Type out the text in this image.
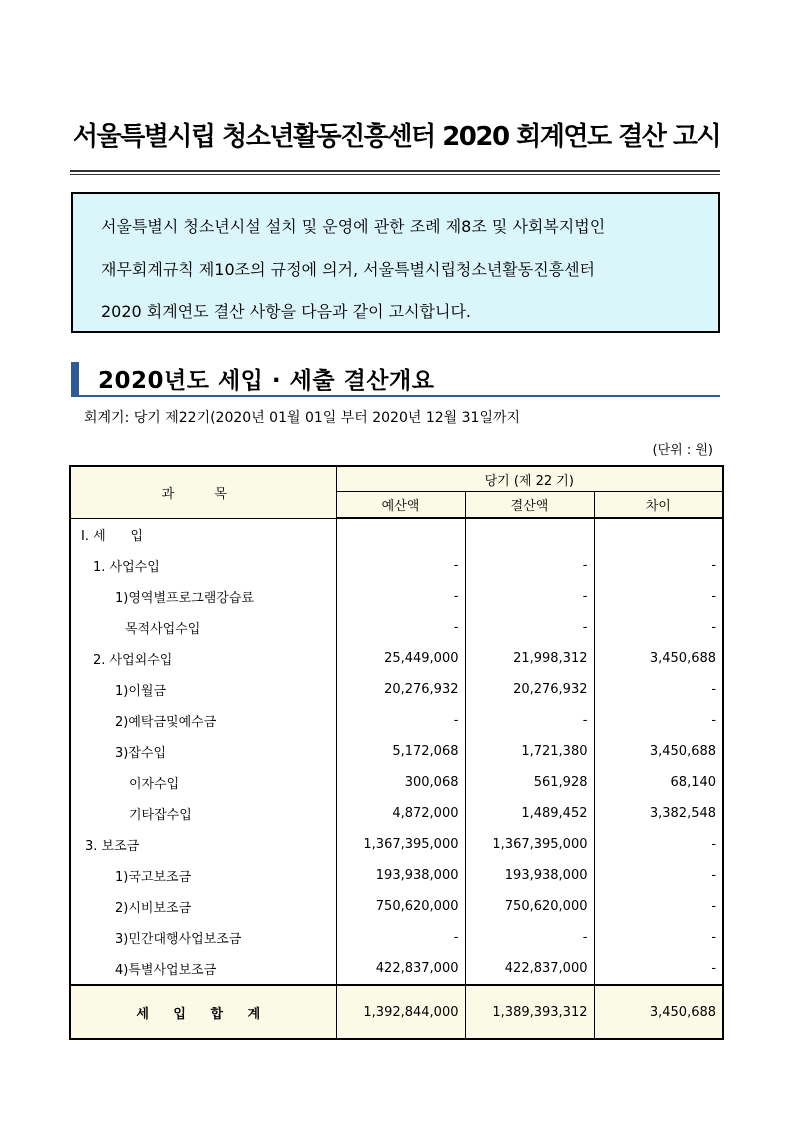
서울특별시립 청소년활동진흥센터 2020 회계연도 결산 고시

서울특별시 청소년시설 설치 및 운영에 관한 조례 제8조 및 사회복지법인

재무회계규칙 제10조의 규정에 의거, 서울특별시립청소년활동진흥센터

2020 회계연도 결산 사항을 다음과 같이 고시합니다.

2020년도 세입 · 세출 결산개요
회계기: 당기 제22기(2020년 01월 01일 부터 2020년 12월 31일까지
(단위 : 원)
과 목	당기 (제 22 기)		
	예산액	결산액	차이
Ⅰ. 세      입			
1. 사업수입	-	-	-
1)영역별프로그램강습료	-	-	-
목적사업수입	-	-	-
2. 사업외수입	25,449,000	21,998,312	3,450,688
1)이월금	20,276,932	20,276,932	-
2)예탁금및예수금	-	-	-
3)잡수입	5,172,068	1,721,380	3,450,688
이자수입	300,068	561,928	68,140
기타잡수입	4,872,000	1,489,452	3,382,548
3. 보조금	1,367,395,000	1,367,395,000	-
1)국고보조금	193,938,000	193,938,000	-
2)시비보조금	750,620,000	750,620,000	-
3)민간대행사업보조금	-	-	-
4)특별사업보조금	422,837,000	422,837,000	-
세 입 합 계	1,392,844,000	1,389,393,312	3,450,688
